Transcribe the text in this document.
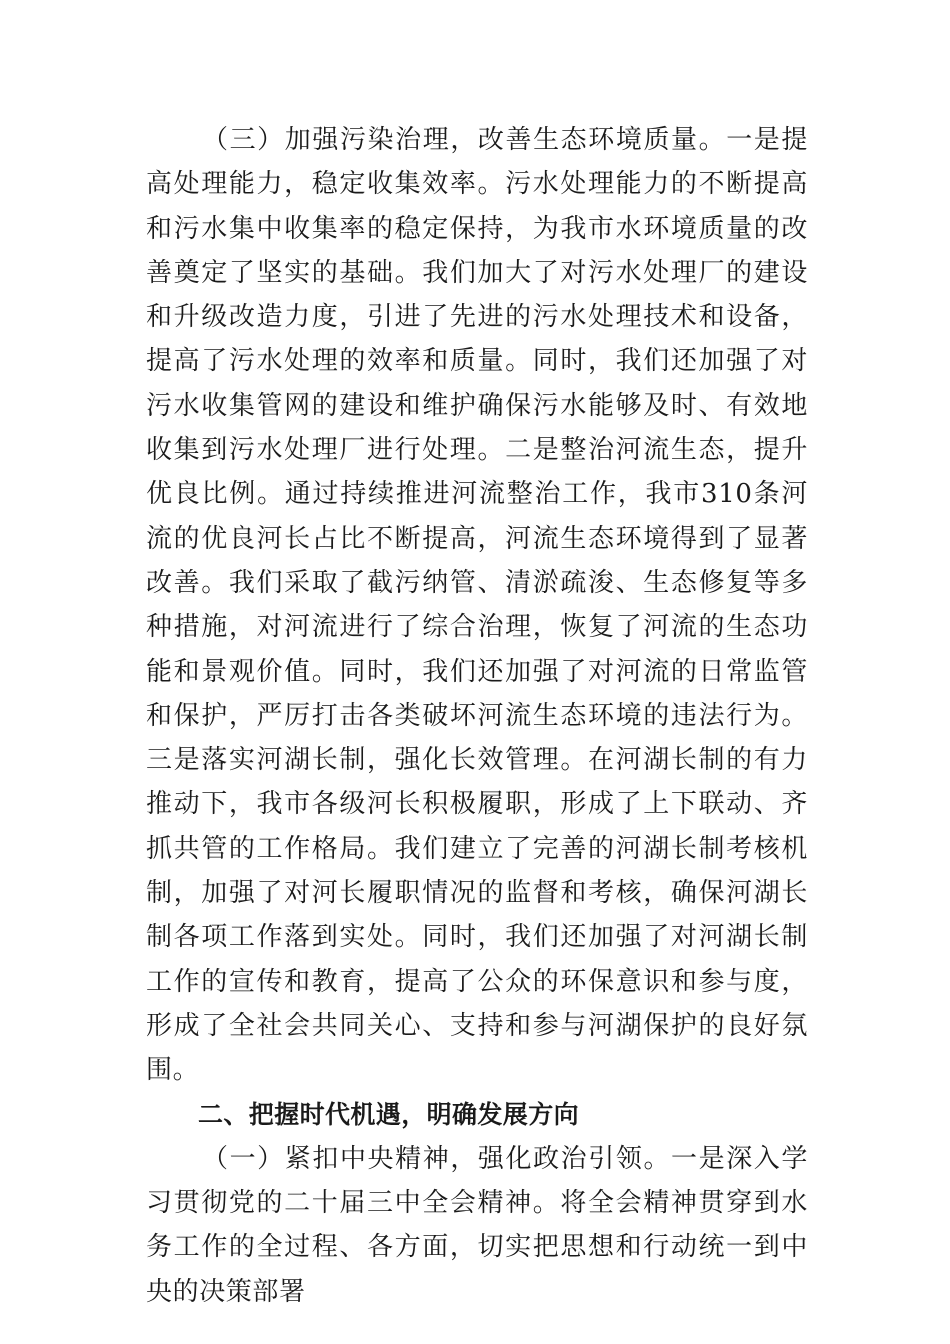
（三）加强污染治理，改善生态环境质量。一是提高处理能力，稳定收集效率。污水处理能力的不断提高和污水集中收集率的稳定保持，为我市水环境质量的改善奠定了坚实的基础。我们加大了对污水处理厂的建设和升级改造力度，引进了先进的污水处理技术和设备，提高了污水处理的效率和质量。同时，我们还加强了对污水收集管网的建设和维护确保污水能够及时、有效地收集到污水处理厂进行处理。二是整治河流生态，提升优良比例。通过持续推进河流整治工作，我市310条河流的优良河长占比不断提高，河流生态环境得到了显著改善。我们采取了截污纳管、清淤疏浚、生态修复等多种措施，对河流进行了综合治理，恢复了河流的生态功能和景观价值。同时，我们还加强了对河流的日常监管和保护，严厉打击各类破坏河流生态环境的违法行为。三是落实河湖长制，强化长效管理。在河湖长制的有力推动下，我市各级河长积极履职，形成了上下联动、齐抓共管的工作格局。我们建立了完善的河湖长制考核机制，加强了对河长履职情况的监督和考核，确保河湖长制各项工作落到实处。同时，我们还加强了对河湖长制工作的宣传和教育，提高了公众的环保意识和参与度，形成了全社会共同关心、支持和参与河湖保护的良好氛围。

二、把握时代机遇，明确发展方向

（一）紧扣中央精神，强化政治引领。一是深入学习贯彻党的二十届三中全会精神。将全会精神贯穿到水务工作的全过程、各方面，切实把思想和行动统一到中央的决策部署
